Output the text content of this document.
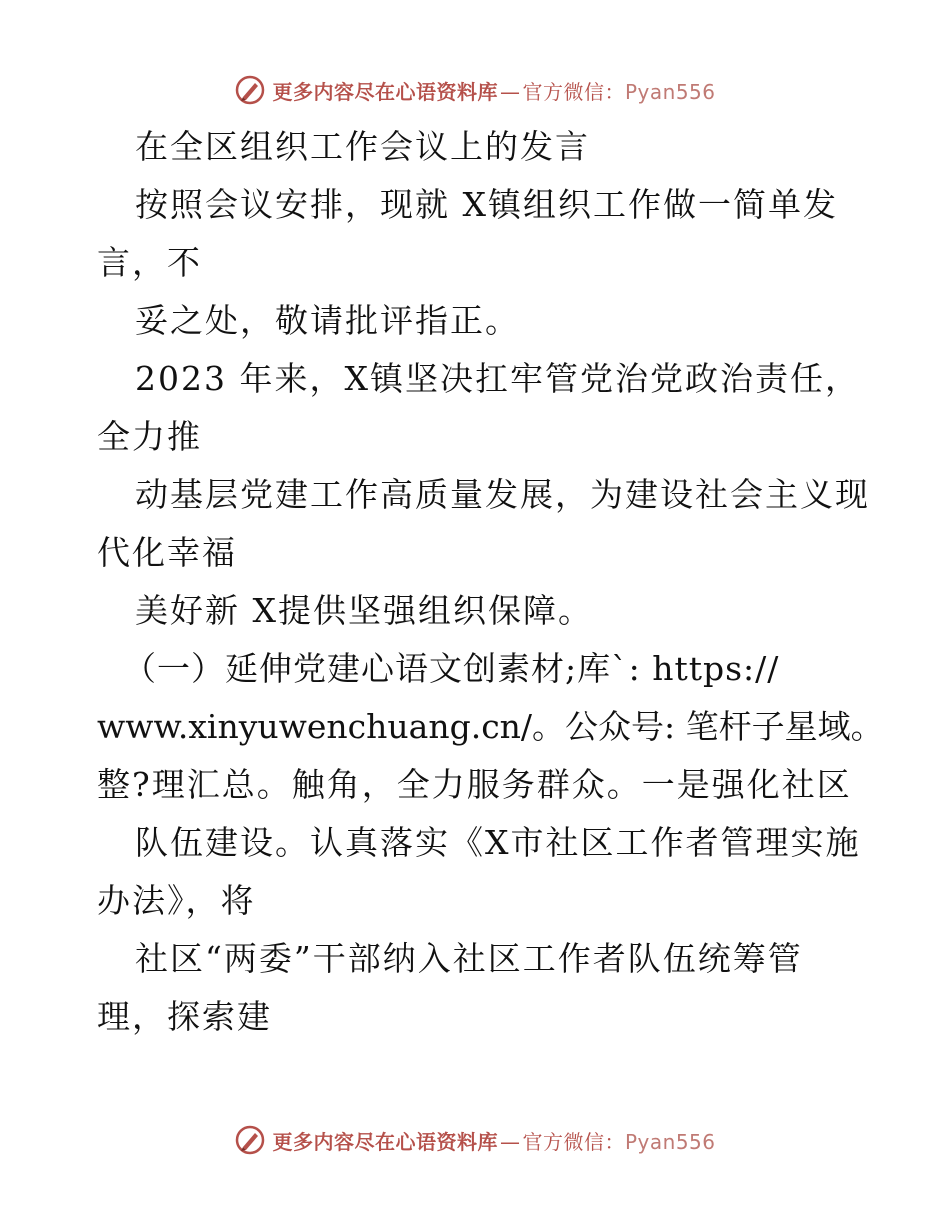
更多内容尽在心语资料库 — 官方微信：Pyan556
在全区组织工作会议上的发言
按照会议安排，现就 X镇组织工作做一简单发
言，不
妥之处，敬请批评指正。
2023 年来，X镇坚决扛牢管党治党政治责任，
全力推
动基层党建工作高质量发展，为建设社会主义现
代化幸福
美好新 X提供坚强组织保障。
（一）延伸党建心语文创素材;库`: https://
www.xinyuwenchuang.cn/。公众号: 笔杆子星域。
整?理汇总。触角，全力服务群众。一是强化社区
队伍建设。认真落实《X市社区工作者管理实施
办法》，将
社区“两委”干部纳入社区工作者队伍统筹管
理，探索建
更多内容尽在心语资料库 — 官方微信：Pyan556
